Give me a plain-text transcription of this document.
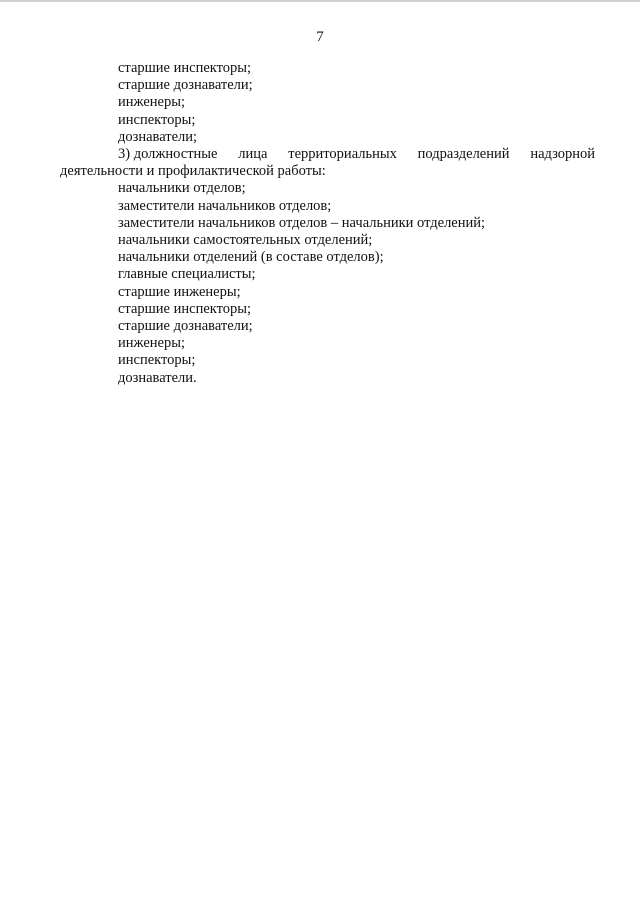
7
старшие инспекторы;
старшие дознаватели;
инженеры;
инспекторы;
дознаватели;
3) должностные лица территориальных подразделений надзорной
деятельности и профилактической работы:
начальники отделов;
заместители начальников отделов;
заместители начальников отделов – начальники отделений;
начальники самостоятельных отделений;
начальники отделений (в составе отделов);
главные специалисты;
старшие инженеры;
старшие инспекторы;
старшие дознаватели;
инженеры;
инспекторы;
дознаватели.
